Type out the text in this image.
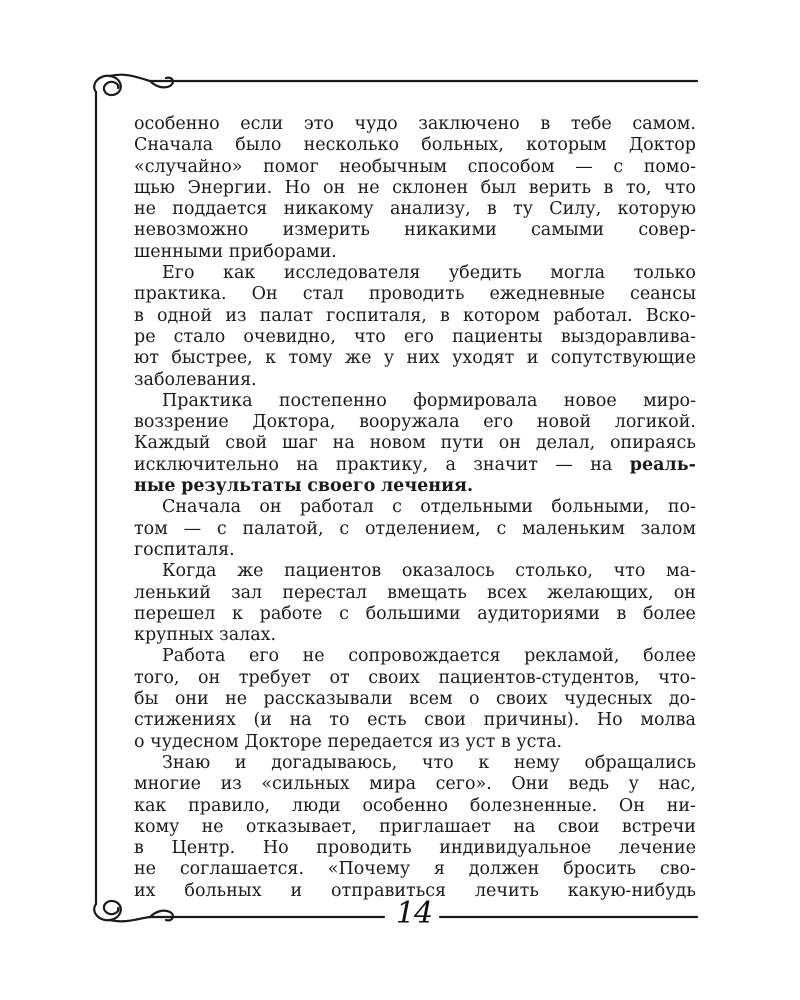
особенно если это чудо заключено в тебе самом.
Сначала было несколько больных, которым Доктор
«случайно» помог необычным способом — с помо-
щью Энергии. Но он не склонен был верить в то, что
не поддается никакому анализу, в ту Силу, которую
невозможно измерить никакими самыми совер-
шенными приборами.
Его как исследователя убедить могла только
практика. Он стал проводить ежедневные сеансы
в одной из палат госпиталя, в котором работал. Вско-
ре стало очевидно, что его пациенты выздоравлива-
ют быстрее, к тому же у них уходят и сопутствующие
заболевания.
Практика постепенно формировала новое миро-
воззрение Доктора, вооружала его новой логикой.
Каждый свой шаг на новом пути он делал, опираясь
исключительно на практику, а значит — на реаль-
ные результаты своего лечения.
Сначала он работал с отдельными больными, по-
том — с палатой, с отделением, с маленьким залом
госпиталя.
Когда же пациентов оказалось столько, что ма-
ленький зал перестал вмещать всех желающих, он
перешел к работе с большими аудиториями в более
крупных залах.
Работа его не сопровождается рекламой, более
того, он требует от своих пациентов-студентов, что-
бы они не рассказывали всем о своих чудесных до-
стижениях (и на то есть свои причины). Но молва
о чудесном Докторе передается из уст в уста.
Знаю и догадываюсь, что к нему обращались
многие из «сильных мира сего». Они ведь у нас,
как правило, люди особенно болезненные. Он ни-
кому не отказывает, приглашает на свои встречи
в Центр. Но проводить индивидуальное лечение
не соглашается. «Почему я должен бросить сво-
их больных и отправиться лечить какую-нибудь
14
